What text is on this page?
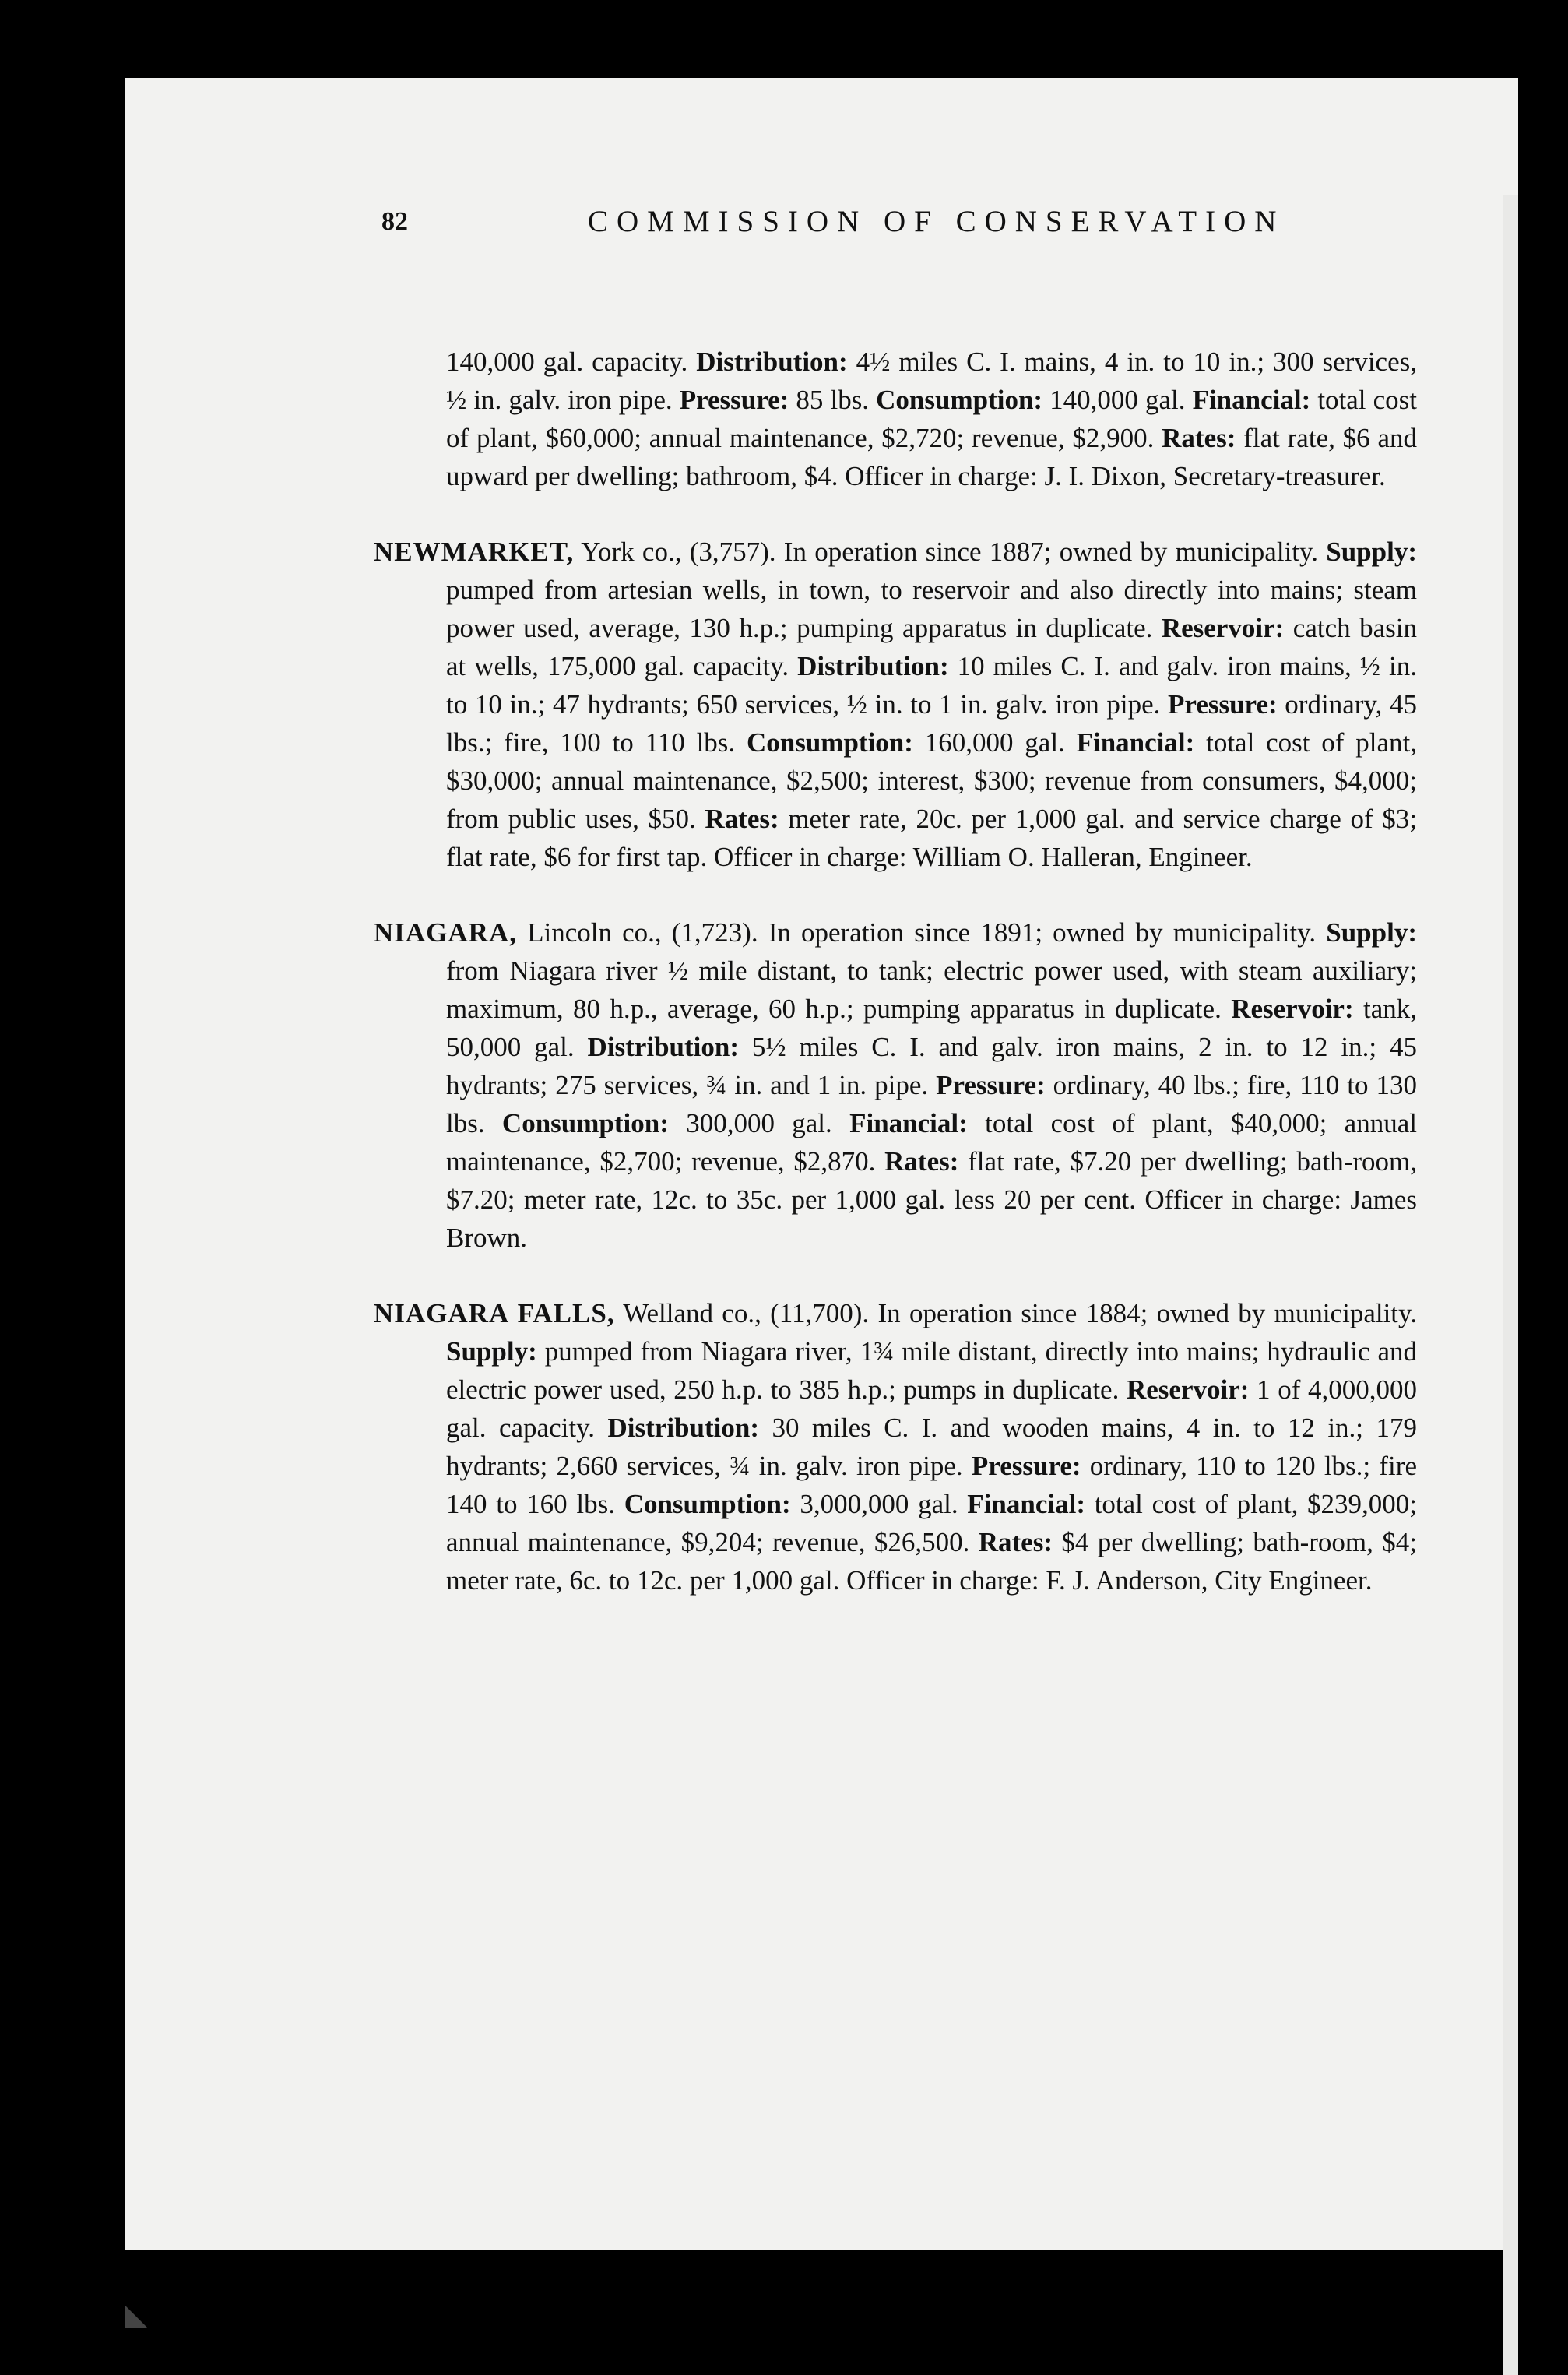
82	COMMISSION OF CONSERVATION

140,000 gal. capacity. Distribution: 4½ miles C. I. mains, 4 in. to 10 in.; 300 services, ½ in. galv. iron pipe. Pressure: 85 lbs. Consumption: 140,000 gal. Financial: total cost of plant, $60,000; annual maintenance, $2,720; revenue, $2,900. Rates: flat rate, $6 and upward per dwelling; bathroom, $4. Officer in charge: J. I. Dixon, Secretary-treasurer.

NEWMARKET, York co., (3,757). In operation since 1887; owned by municipality. Supply: pumped from artesian wells, in town, to reservoir and also directly into mains; steam power used, average, 130 h.p.; pumping apparatus in duplicate. Reservoir: catch basin at wells, 175,000 gal. capacity. Distribution: 10 miles C. I. and galv. iron mains, ½ in. to 10 in.; 47 hydrants; 650 services, ½ in. to 1 in. galv. iron pipe. Pressure: ordinary, 45 lbs.; fire, 100 to 110 lbs. Consumption: 160,000 gal. Financial: total cost of plant, $30,000; annual maintenance, $2,500; interest, $300; revenue from consumers, $4,000; from public uses, $50. Rates: meter rate, 20c. per 1,000 gal. and service charge of $3; flat rate, $6 for first tap. Officer in charge: William O. Halleran, Engineer.

NIAGARA, Lincoln co., (1,723). In operation since 1891; owned by municipality. Supply: from Niagara river ½ mile distant, to tank; electric power used, with steam auxiliary; maximum, 80 h.p., average, 60 h.p.; pumping apparatus in duplicate. Reservoir: tank, 50,000 gal. Distribution: 5½ miles C. I. and galv. iron mains, 2 in. to 12 in.; 45 hydrants; 275 services, ¾ in. and 1 in. pipe. Pressure: ordinary, 40 lbs.; fire, 110 to 130 lbs. Consumption: 300,000 gal. Financial: total cost of plant, $40,000; annual maintenance, $2,700; revenue, $2,870. Rates: flat rate, $7.20 per dwelling; bath-room, $7.20; meter rate, 12c. to 35c. per 1,000 gal. less 20 per cent. Officer in charge: James Brown.

NIAGARA FALLS, Welland co., (11,700). In operation since 1884; owned by municipality. Supply: pumped from Niagara river, 1¾ mile distant, directly into mains; hydraulic and electric power used, 250 h.p. to 385 h.p.; pumps in duplicate. Reservoir: 1 of 4,000,000 gal. capacity. Distribution: 30 miles C. I. and wooden mains, 4 in. to 12 in.; 179 hydrants; 2,660 services, ¾ in. galv. iron pipe. Pressure: ordinary, 110 to 120 lbs.; fire 140 to 160 lbs. Consumption: 3,000,000 gal. Financial: total cost of plant, $239,000; annual maintenance, $9,204; revenue, $26,500. Rates: $4 per dwelling; bath-room, $4; meter rate, 6c. to 12c. per 1,000 gal. Officer in charge: F. J. Anderson, City Engineer.
